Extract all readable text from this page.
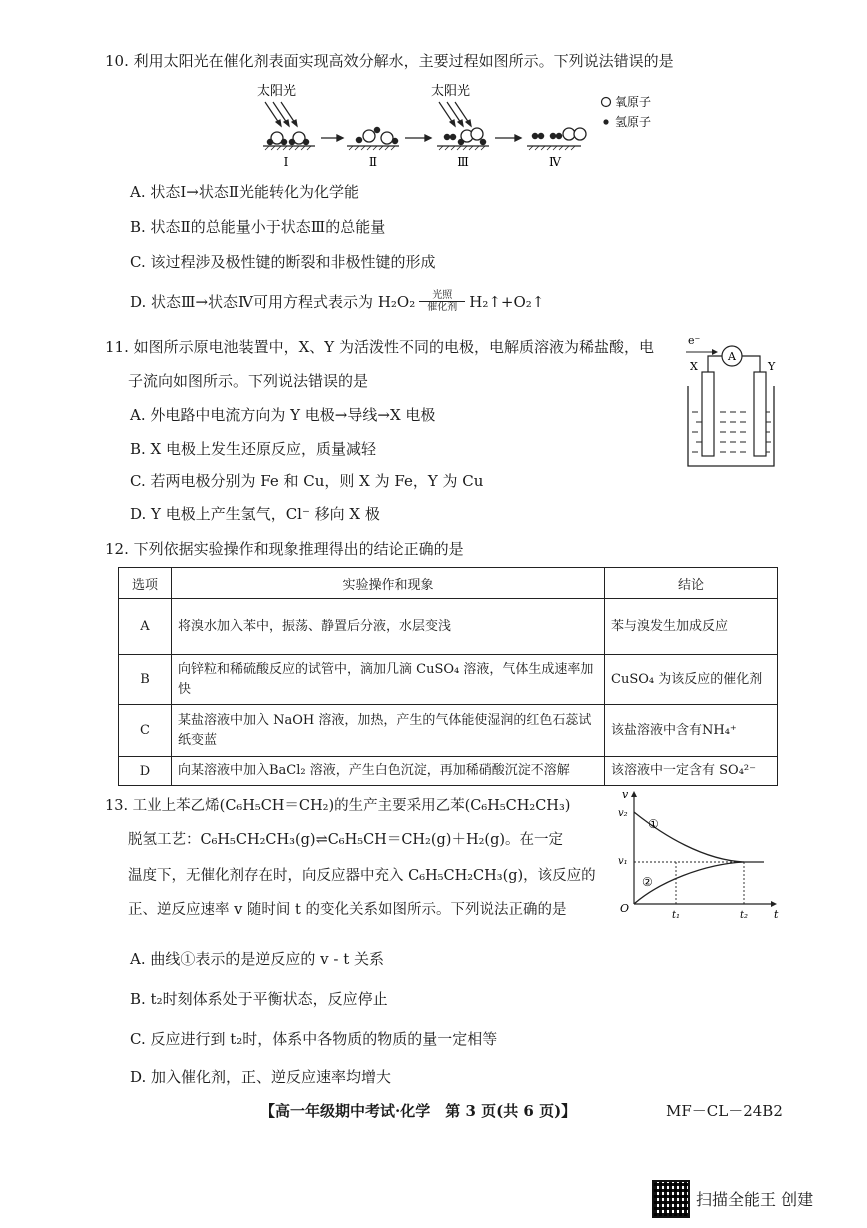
10. 利用太阳光在催化剂表面实现高效分解水，主要过程如图所示。下列说法错误的是
太阳光	太阳光
Ⅰ	Ⅱ	Ⅲ	Ⅳ
氧原子
氢原子
A. 状态Ⅰ→状态Ⅱ光能转化为化学能
B. 状态Ⅱ的总能量小于状态Ⅲ的总能量
C. 该过程涉及极性键的断裂和非极性键的形成
D. 状态Ⅲ→状态Ⅳ可用方程式表示为 H₂O₂ 光照
催化剂 H₂↑+O₂↑
11. 如图所示原电池装置中，X、Y 为活泼性不同的电极，电解质溶液为稀盐酸，电
子流向如图所示。下列说法错误的是
A. 外电路中电流方向为 Y 电极→导线→X 电极
B. X 电极上发生还原反应，质量减轻
C. 若两电极分别为 Fe 和 Cu，则 X 为 Fe，Y 为 Cu
D. Y 电极上产生氢气，Cl⁻ 移向 X 极
e⁻
A
X	Y
12. 下列依据实验操作和现象推理得出的结论正确的是
选项	实验操作和现象	结论
A	将溴水加入苯中，振荡、静置后分液，水层变浅	苯与溴发生加成反应
B	向锌粒和稀硫酸反应的试管中，滴加几滴 CuSO₄ 溶液，气体生成速率加快	CuSO₄ 为该反应的催化剂
C	某盐溶液中加入 NaOH 溶液，加热，产生的气体能使湿润的红色石蕊试纸变蓝	该盐溶液中含有NH₄⁺
D	向某溶液中加入BaCl₂ 溶液，产生白色沉淀，再加稀硝酸沉淀不溶解	该溶液中一定含有 SO₄²⁻
13. 工业上苯乙烯(C₆H₅CH＝CH₂)的生产主要采用乙苯(C₆H₅CH₂CH₃)
脱氢工艺：C₆H₅CH₂CH₃(g)⇌C₆H₅CH＝CH₂(g)＋H₂(g)。在一定
温度下，无催化剂存在时，向反应器中充入 C₆H₅CH₂CH₃(g)，该反应的
正、逆反应速率 v 随时间 t 的变化关系如图所示。下列说法正确的是
v
t
O
v₂
v₁
①
②
t₁	t₂
A. 曲线①表示的是逆反应的 v - t 关系
B. t₂时刻体系处于平衡状态，反应停止
C. 反应进行到 t₂时，体系中各物质的物质的量一定相等
D. 加入催化剂，正、逆反应速率均增大
【高一年级期中考试·化学　第 3 页(共 6 页)】	MF－CL－24B2
扫描全能王 创建
